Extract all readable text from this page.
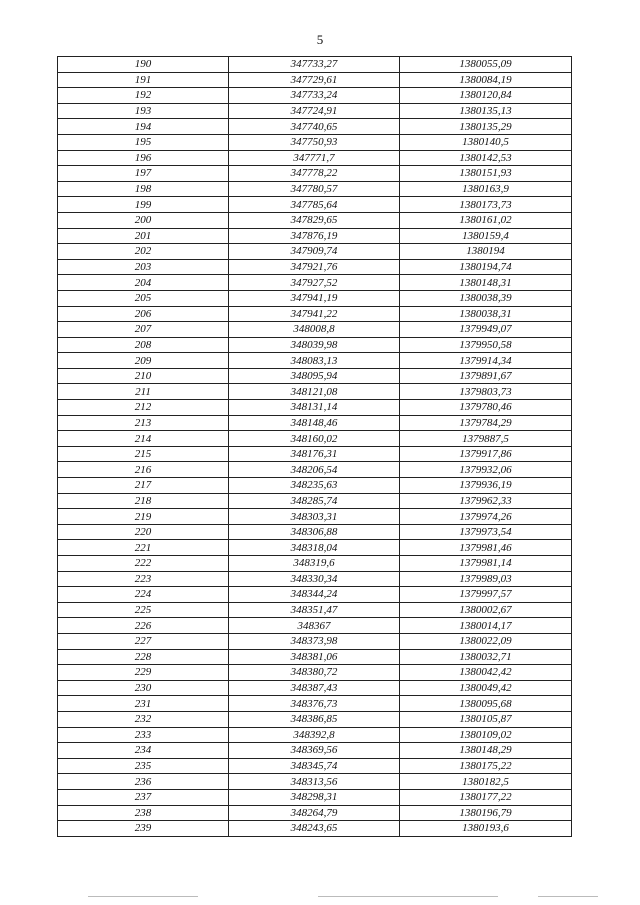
5
190	347733,27	1380055,09
191	347729,61	1380084,19
192	347733,24	1380120,84
193	347724,91	1380135,13
194	347740,65	1380135,29
195	347750,93	1380140,5
196	347771,7	1380142,53
197	347778,22	1380151,93
198	347780,57	1380163,9
199	347785,64	1380173,73
200	347829,65	1380161,02
201	347876,19	1380159,4
202	347909,74	1380194
203	347921,76	1380194,74
204	347927,52	1380148,31
205	347941,19	1380038,39
206	347941,22	1380038,31
207	348008,8	1379949,07
208	348039,98	1379950,58
209	348083,13	1379914,34
210	348095,94	1379891,67
211	348121,08	1379803,73
212	348131,14	1379780,46
213	348148,46	1379784,29
214	348160,02	1379887,5
215	348176,31	1379917,86
216	348206,54	1379932,06
217	348235,63	1379936,19
218	348285,74	1379962,33
219	348303,31	1379974,26
220	348306,88	1379973,54
221	348318,04	1379981,46
222	348319,6	1379981,14
223	348330,34	1379989,03
224	348344,24	1379997,57
225	348351,47	1380002,67
226	348367	1380014,17
227	348373,98	1380022,09
228	348381,06	1380032,71
229	348380,72	1380042,42
230	348387,43	1380049,42
231	348376,73	1380095,68
232	348386,85	1380105,87
233	348392,8	1380109,02
234	348369,56	1380148,29
235	348345,74	1380175,22
236	348313,56	1380182,5
237	348298,31	1380177,22
238	348264,79	1380196,79
239	348243,65	1380193,6
